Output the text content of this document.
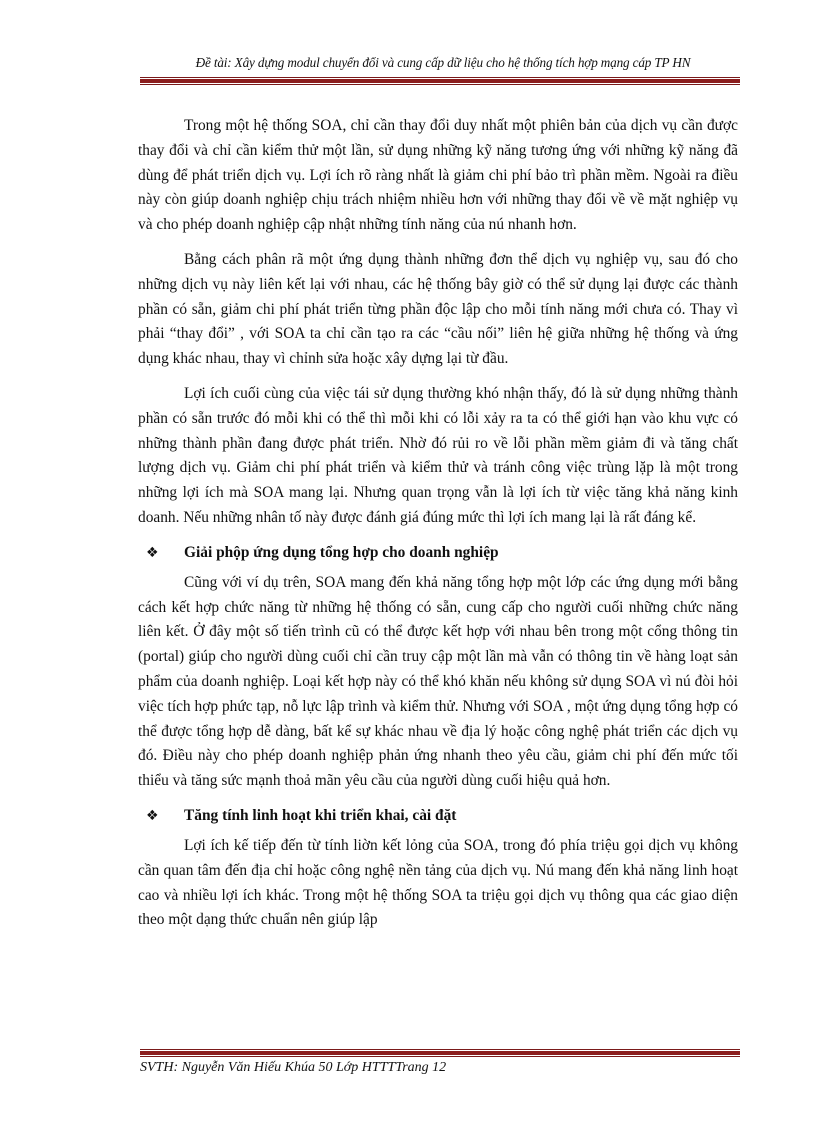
Đề tài: Xây dựng modul chuyển đổi và cung cấp dữ liệu cho hệ thống tích hợp mạng cáp TP HN

Trong một hệ thống SOA, chỉ cần thay đổi duy nhất một phiên bản của dịch vụ cần được thay đổi và chỉ cần kiểm thử một lần, sử dụng những kỹ năng tương ứng với những kỹ năng đã dùng để phát triển dịch vụ. Lợi ích rõ ràng nhất là giảm chi phí bảo trì phần mềm. Ngoài ra điều này còn giúp doanh nghiệp chịu trách nhiệm nhiều hơn với những thay đổi về về mặt nghiệp vụ và cho phép doanh nghiệp cập nhật những tính năng của nú nhanh hơn.

Bằng cách phân rã một ứng dụng thành những đơn thể dịch vụ nghiệp vụ, sau đó cho những dịch vụ này liên kết lại với nhau, các hệ thống bây giờ có thể sử dụng lại được các thành phần có sẵn, giảm chi phí phát triển từng phần độc lập cho mỗi tính năng mới chưa có. Thay vì phải “thay đổi” , với SOA ta chỉ cần tạo ra các “cầu nối” liên hệ giữa những hệ thống và ứng dụng khác nhau, thay vì chỉnh sửa hoặc xây dựng lại từ đầu.

Lợi ích cuối cùng của việc tái sử dụng thường khó nhận thấy, đó là sử dụng những thành phần có sẵn trước đó mỗi khi có thể thì mỗi khi có lỗi xảy ra ta có thể giới hạn vào khu vực có những thành phần đang được phát triển. Nhờ đó rủi ro về lỗi phần mềm giảm đi và tăng chất lượng dịch vụ. Giảm chi phí phát triển và kiểm thử và tránh công việc trùng lặp là một trong những lợi ích mà SOA mang lại. Nhưng quan trọng vẫn là lợi ích từ việc tăng khả năng kinh doanh. Nếu những nhân tố này được đánh giá đúng mức thì lợi ích mang lại là rất đáng kể.

❖	Giải phộp ứng dụng tổng hợp cho doanh nghiệp

Cũng với ví dụ trên, SOA mang đến khả năng tổng hợp một lớp các ứng dụng mới bằng cách kết hợp chức năng từ những hệ thống có sẵn, cung cấp cho người cuối những chức năng liên kết. Ở đây một số tiến trình cũ có thể được kết hợp với nhau bên trong một cổng thông tin (portal) giúp cho người dùng cuối chỉ cần truy cập một lần mà vẫn có thông tin về hàng loạt sản phẩm của doanh nghiệp. Loại kết hợp này có thể khó khăn nếu không sử dụng SOA vì nú đòi hỏi việc tích hợp phức tạp, nỗ lực lập trình và kiểm thử. Nhưng với SOA , một ứng dụng tổng hợp có thể được tổng hợp dễ dàng, bất kể sự khác nhau về địa lý hoặc công nghệ phát triển các dịch vụ đó. Điều này cho phép doanh nghiệp phản ứng nhanh theo yêu cầu, giảm chi phí đến mức tối thiểu và tăng sức mạnh thoả mãn yêu cầu của người dùng cuối hiệu quả hơn.

❖	Tăng tính linh hoạt khi triển khai, cài đặt

Lợi ích kế tiếp đến từ tính liờn kết lỏng của SOA, trong đó phía triệu gọi dịch vụ không cần quan tâm đến địa chỉ hoặc công nghệ nền tảng của dịch vụ. Nú mang đến khả năng linh hoạt cao và nhiều lợi ích khác. Trong một hệ thống SOA ta triệu gọi dịch vụ thông qua các giao diện theo một dạng thức chuẩn nên giúp lập

SVTH: Nguyễn Văn Hiếu Khúa 50 Lớp HTTTTrang 12
